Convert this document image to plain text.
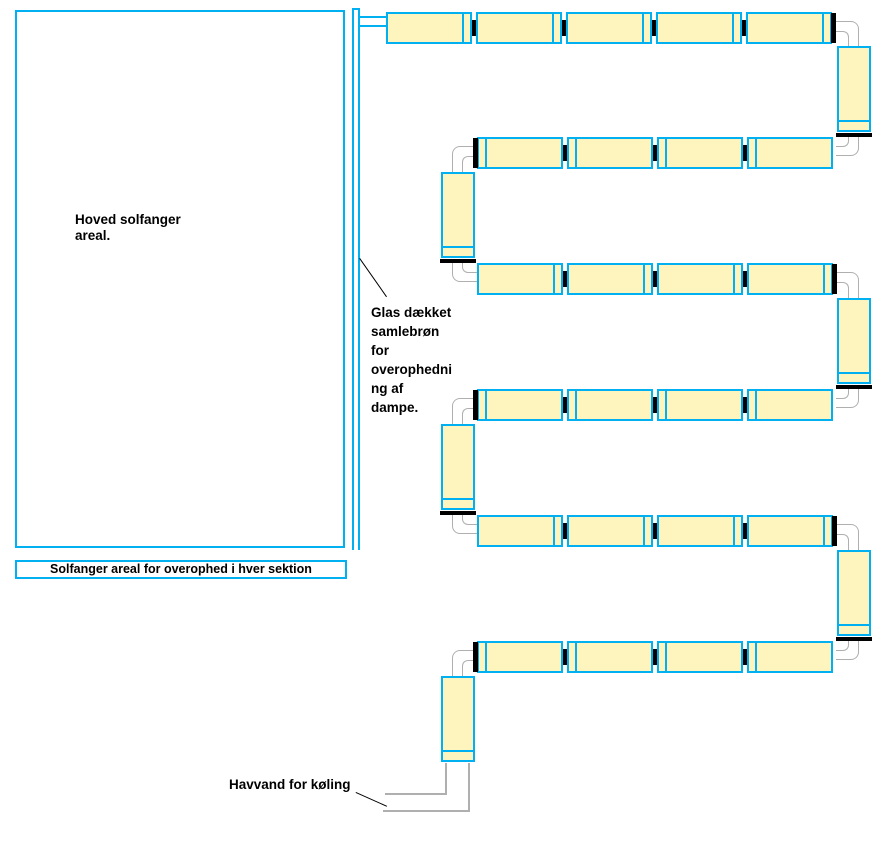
Hoved solfanger
areal.
Solfanger areal for overophed i hver sektion
Glas dækket
samlebrøn
for
overophedni
ng af
dampe.
Havvand for køling
